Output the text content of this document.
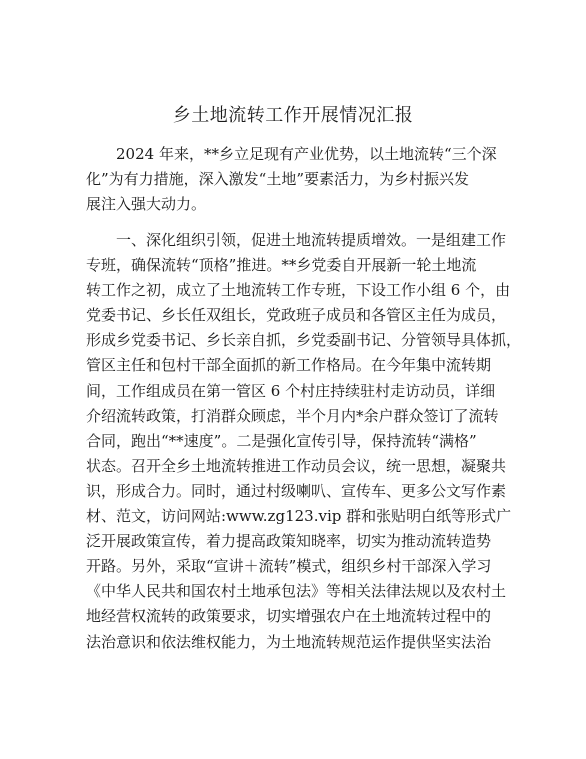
乡土地流转工作开展情况汇报
2024 年来，**乡立足现有产业优势，以土地流转“三个深
化”为有力措施，深入激发“土地”要素活力，为乡村振兴发
展注入强大动力。
一、深化组织引领，促进土地流转提质增效。一是组建工作
专班，确保流转“顶格”推进。**乡党委自开展新一轮土地流
转工作之初，成立了土地流转工作专班，下设工作小组 6 个，由
党委书记、乡长任双组长，党政班子成员和各管区主任为成员，
形成乡党委书记、乡长亲自抓，乡党委副书记、分管领导具体抓，
管区主任和包村干部全面抓的新工作格局。在今年集中流转期
间，工作组成员在第一管区 6 个村庄持续驻村走访动员，详细
介绍流转政策，打消群众顾虑，半个月内*余户群众签订了流转
合同，跑出“**速度”。二是强化宣传引导，保持流转“满格”
状态。召开全乡土地流转推进工作动员会议，统一思想，凝聚共
识，形成合力。同时，通过村级喇叭、宣传车、更多公文写作素
材、范文，访问网站:www.zg123.vip 群和张贴明白纸等形式广
泛开展政策宣传，着力提高政策知晓率，切实为推动流转造势
开路。另外，采取“宣讲＋流转”模式，组织乡村干部深入学习
《中华人民共和国农村土地承包法》等相关法律法规以及农村土
地经营权流转的政策要求，切实增强农户在土地流转过程中的
法治意识和依法维权能力，为土地流转规范运作提供坚实法治
